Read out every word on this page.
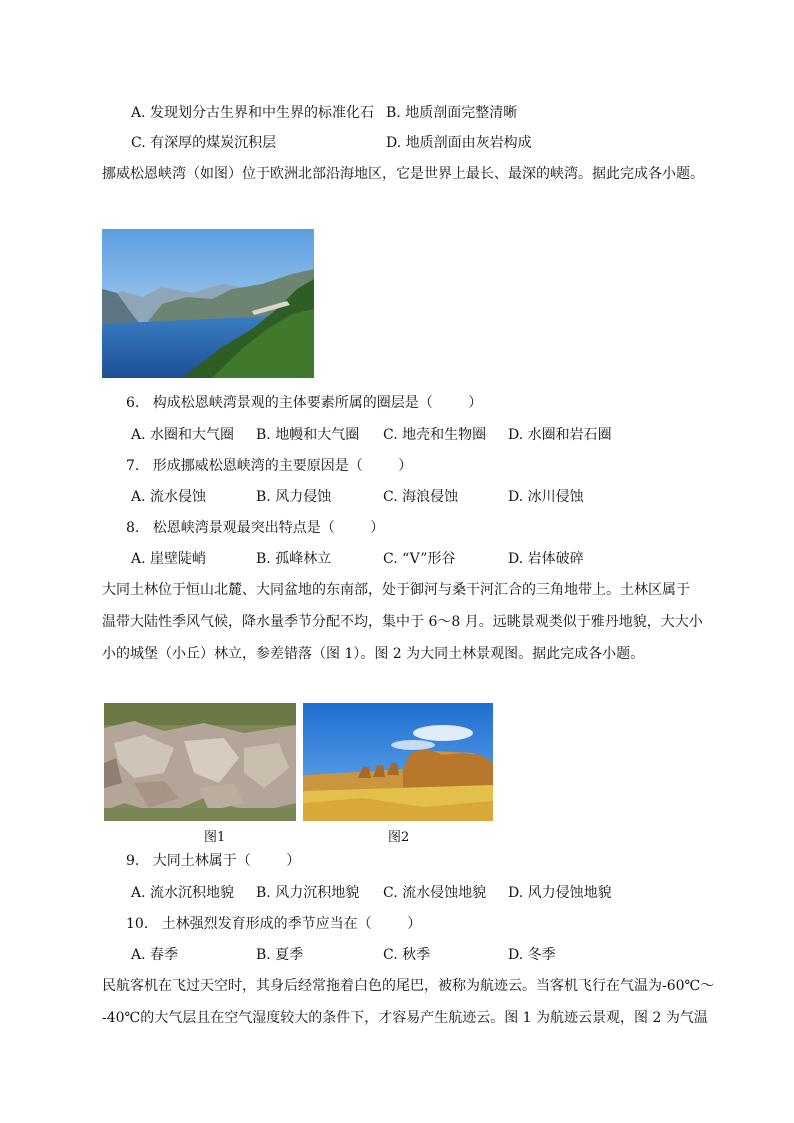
A. 发现划分古生界和中生界的标准化石 B. 地质剖面完整清晰
C. 有深厚的煤炭沉积层	D. 地质剖面由灰岩构成
挪威松恩峡湾（如图）位于欧洲北部沿海地区，它是世界上最长、最深的峡湾。据此完成各小题。
6.   构成松恩峡湾景观的主体要素所属的圈层是（        ）
A. 水圈和大气圈 B. 地幔和大气圈 C. 地壳和生物圈 D. 水圈和岩石圈
7.   形成挪威松恩峡湾的主要原因是（        ）
A. 流水侵蚀	B. 风力侵蚀	C. 海浪侵蚀	D. 冰川侵蚀
8.   松恩峡湾景观最突出特点是（        ）
A. 崖壁陡峭	B. 孤峰林立	C. “V”形谷	D. 岩体破碎
大同土林位于恒山北麓、大同盆地的东南部，处于御河与桑干河汇合的三角地带上。土林区属于
温带大陆性季风气候，降水量季节分配不均，集中于 6～8 月。远眺景观类似于雅丹地貌，大大小
小的城堡（小丘）林立，参差错落（图 1）。图 2 为大同土林景观图。据此完成各小题。
图1	图2
9.   大同土林属于（        ）
A. 流水沉积地貌 B. 风力沉积地貌 C. 流水侵蚀地貌 D. 风力侵蚀地貌
10.   土林强烈发育形成的季节应当在（        ）
A. 春季	B. 夏季	C. 秋季	D. 冬季
民航客机在飞过天空时，其身后经常拖着白色的尾巴，被称为航迹云。当客机飞行在气温为-60℃～
-40℃的大气层且在空气湿度较大的条件下，才容易产生航迹云。图 1 为航迹云景观，图 2 为气温
